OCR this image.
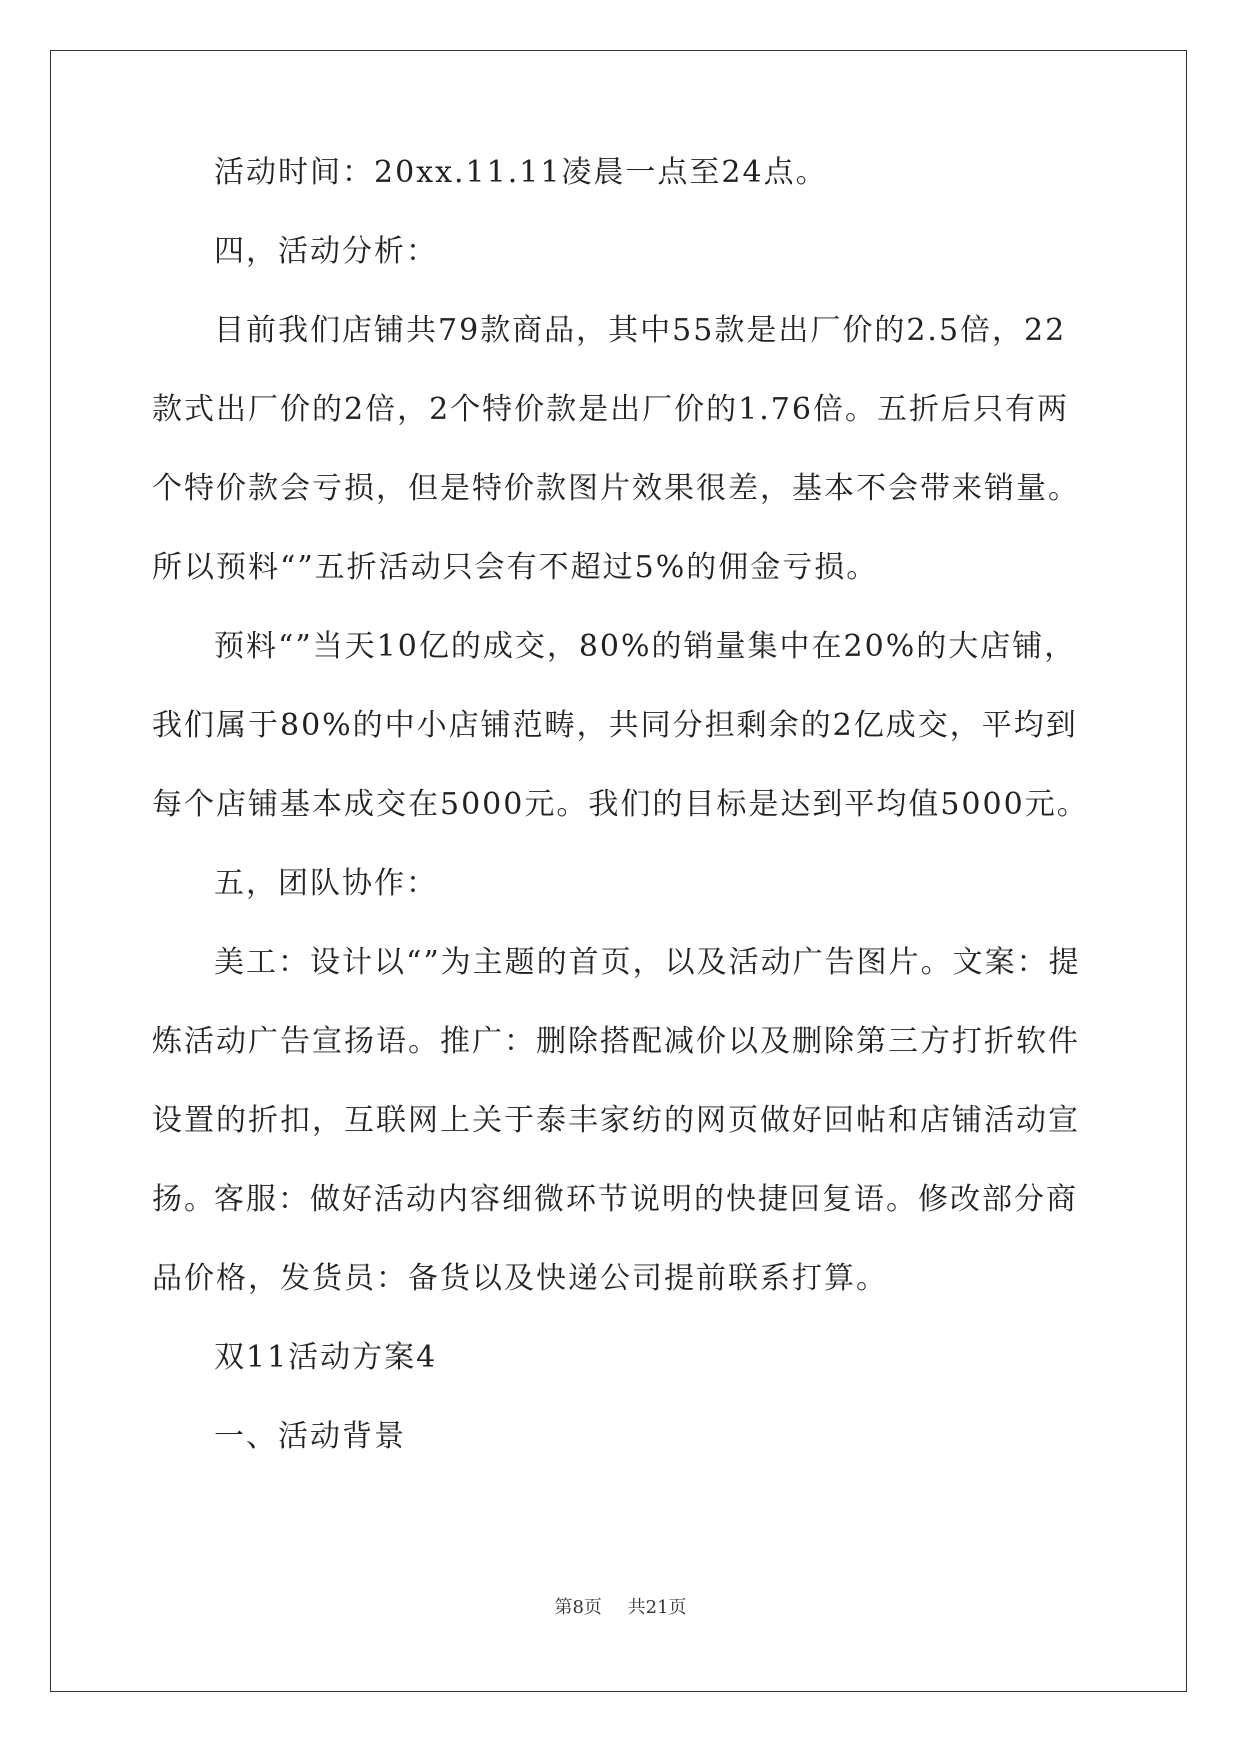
活动时间：20xx.11.11凌晨一点至24点。

四，活动分析：

目前我们店铺共79款商品，其中55款是出厂价的2.5倍，22款式出厂价的2倍，2个特价款是出厂价的1.76倍。五折后只有两个特价款会亏损，但是特价款图片效果很差，基本不会带来销量。所以预料“”五折活动只会有不超过5%的佣金亏损。

预料“”当天10亿的成交，80%的销量集中在20%的大店铺，我们属于80%的中小店铺范畴，共同分担剩余的2亿成交，平均到每个店铺基本成交在5000元。我们的目标是达到平均值5000元。

五，团队协作：

美工：设计以“”为主题的首页，以及活动广告图片。文案：提炼活动广告宣扬语。推广：删除搭配减价以及删除第三方打折软件设置的折扣，互联网上关于泰丰家纺的网页做好回帖和店铺活动宣扬。

客服：做好活动内容细微环节说明的快捷回复语。修改部分商品价格，发货员：备货以及快递公司提前联系打算。

双11活动方案4

一、活动背景

第8页 共21页
